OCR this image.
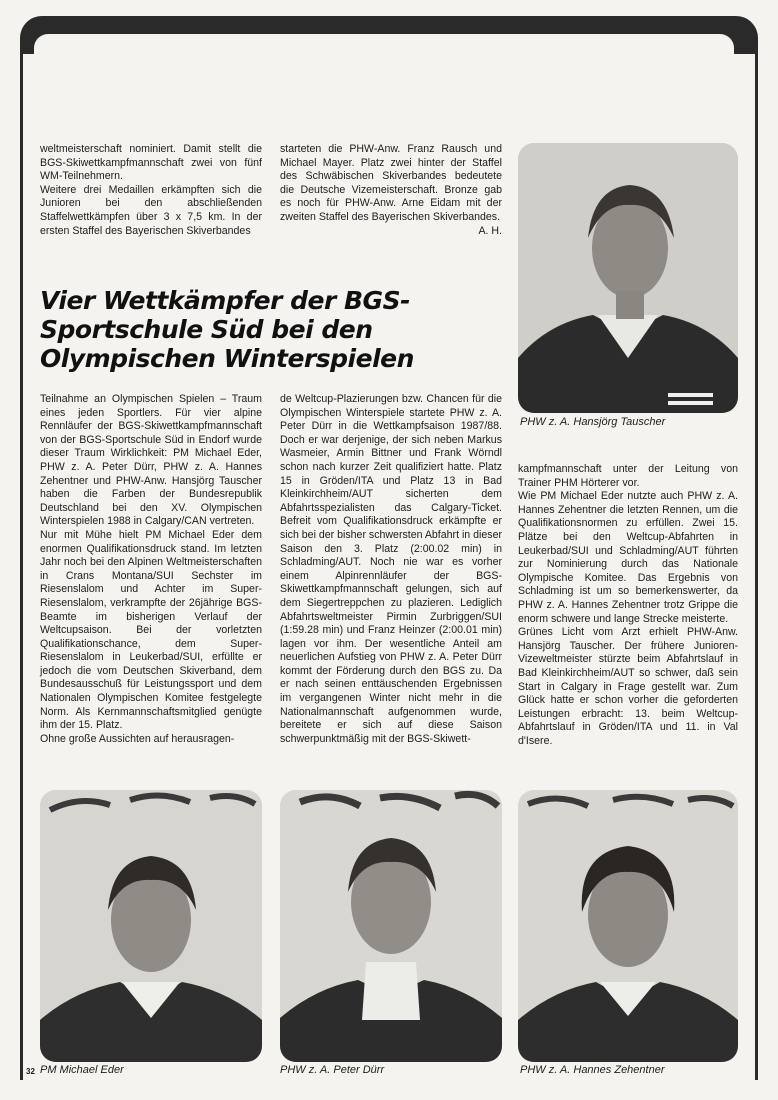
weltmeisterschaft nominiert. Damit stellt die BGS-Skiwettkampfmannschaft zwei von fünf WM-Teilnehmern.

Weitere drei Medaillen erkämpften sich die Junioren bei den abschließenden Staffelwettkämpfen über 3 x 7,5 km. In der ersten Staffel des Bayerischen Skiverbandes

starteten die PHW-Anw. Franz Rausch und Michael Mayer. Platz zwei hinter der Staffel des Schwäbischen Skiverbandes bedeutete die Deutsche Vizemeisterschaft. Bronze gab es noch für PHW-Anw. Arne Eidam mit der zweiten Staffel des Bayerischen Skiverbandes.
A. H.

Vier Wettkämpfer der BGS-Sportschule Süd bei den Olympischen Winterspielen
PHW z. A. Hansjörg Tauscher

Teilnahme an Olympischen Spielen – Traum eines jeden Sportlers. Für vier alpine Rennläufer der BGS-Skiwettkampfmannschaft von der BGS-Sportschule Süd in Endorf wurde dieser Traum Wirklichkeit: PM Michael Eder, PHW z. A. Peter Dürr, PHW z. A. Hannes Zehentner und PHW-Anw. Hansjörg Tauscher haben die Farben der Bundesrepublik Deutschland bei den XV. Olympischen Winterspielen 1988 in Calgary/CAN vertreten.

Nur mit Mühe hielt PM Michael Eder dem enormen Qualifikationsdruck stand. Im letzten Jahr noch bei den Alpinen Weltmeisterschaften in Crans Montana/SUI Sechster im Riesenslalom und Achter im Super-Riesenslalom, verkrampfte der 26jährige BGS-Beamte im bisherigen Verlauf der Weltcupsaison. Bei der vorletzten Qualifikationschance, dem Super-Riesenslalom in Leukerbad/SUI, erfüllte er jedoch die vom Deutschen Skiverband, dem Bundesausschuß für Leistungssport und dem Nationalen Olympischen Komitee festgelegte Norm. Als Kernmannschaftsmitglied genügte ihm der 15. Platz.

Ohne große Aussichten auf herausragen-

de Weltcup-Plazierungen bzw. Chancen für die Olympischen Winterspiele startete PHW z. A. Peter Dürr in die Wettkampfsaison 1987/88. Doch er war derjenige, der sich neben Markus Wasmeier, Armin Bittner und Frank Wörndl schon nach kurzer Zeit qualifiziert hatte. Platz 15 in Gröden/ITA und Platz 13 in Bad Kleinkirchheim/AUT sicherten dem Abfahrtsspezialisten das Calgary-Ticket. Befreit vom Qualifikationsdruck erkämpfte er sich bei der bisher schwersten Abfahrt in dieser Saison den 3. Platz (2:00.02 min) in Schladming/AUT. Noch nie war es vorher einem Alpinrennläufer der BGS-Skiwettkampfmannschaft gelungen, sich auf dem Siegertreppchen zu plazieren. Lediglich Abfahrtsweltmeister Pirmin Zurbriggen/SUI (1:59.28 min) und Franz Heinzer (2:00.01 min) lagen vor ihm. Der wesentliche Anteil am neuerlichen Aufstieg von PHW z. A. Peter Dürr kommt der Förderung durch den BGS zu. Da er nach seinen enttäuschenden Ergebnissen im vergangenen Winter nicht mehr in die Nationalmannschaft aufgenommen wurde, bereitete er sich auf diese Saison schwerpunktmäßig mit der BGS-Skiwett-

kampfmannschaft unter der Leitung von Trainer PHM Hörterer vor.

Wie PM Michael Eder nutzte auch PHW z. A. Hannes Zehentner die letzten Rennen, um die Qualifikationsnormen zu erfüllen. Zwei 15. Plätze bei den Weltcup-Abfahrten in Leukerbad/SUI und Schladming/AUT führten zur Nominierung durch das Nationale Olympische Komitee. Das Ergebnis von Schladming ist um so bemerkenswerter, da PHW z. A. Hannes Zehentner trotz Grippe die enorm schwere und lange Strecke meisterte.

Grünes Licht vom Arzt erhielt PHW-Anw. Hansjörg Tauscher. Der frühere Junioren-Vizeweltmeister stürzte beim Abfahrtslauf in Bad Kleinkirchheim/AUT so schwer, daß sein Start in Calgary in Frage gestellt war. Zum Glück hatte er schon vorher die geforderten Leistungen erbracht: 13. beim Weltcup-Abfahrtslauf in Gröden/ITA und 11. in Val d'Isere.

PM Michael Eder	PHW z. A. Peter Dürr	PHW z. A. Hannes Zehentner
32
